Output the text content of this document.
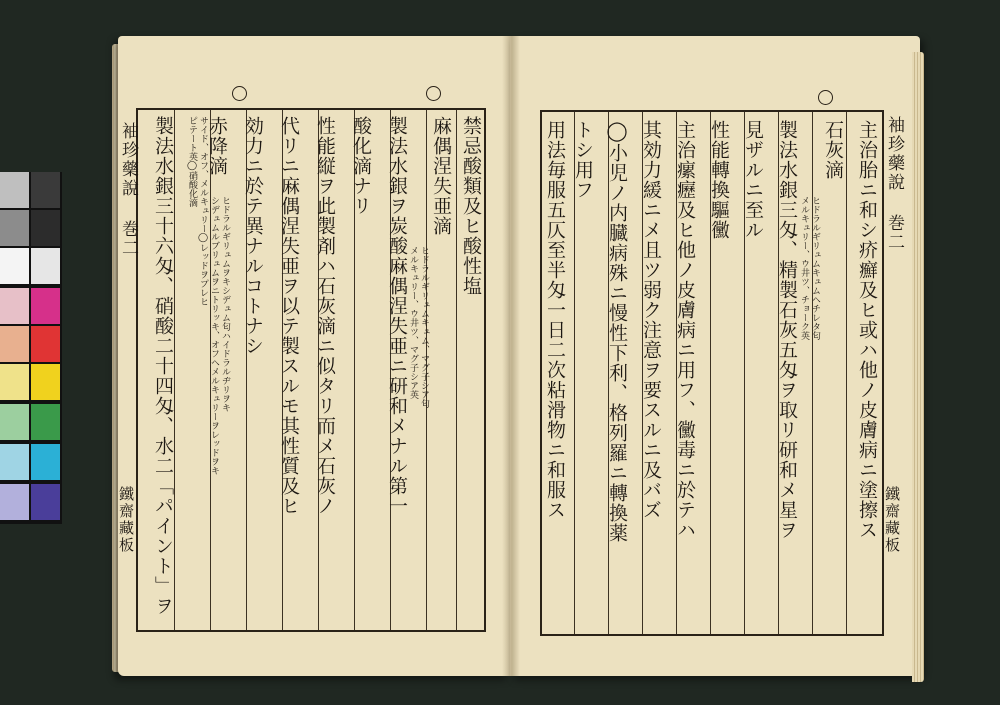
袖珍藥說 巻二
鐵齋藏板
禁忌酸類及ヒ酸性塩
麻偶涅失亜滴
ヒドラルギリュムキュム、マグ子シア匂
メルキュリー、ウ井ツ、マグ子シア英
製法水銀ヲ炭酸麻偶涅失亜ニ研和メナル第一
酸化滴ナリ
性能縦ヲ此製剤ハ石灰滴ニ似タリ而メ石灰ノ
代リニ麻偶涅失亜ヲ以テ製スルモ其性質及ヒ
効力ニ於テ異ナルコトナシ
赤降滴
ヒドラルギリュムヲキシデュム匂ハイドラルヂリヲキ
シデュムルブリュムヲニトリッキ、オフヘメルキュリーヲレッドヲキ
サイド、オフ、メルキュリー◯レッドヲプレヒ
ピテート英◯硝酸化滴
製法水銀三十六匁、硝酸二十四匁、水二「パイント」ヲ	袖珍藥說 巻二
鐵齋藏板
主治胎ニ和シ疥癬及ヒ或ハ他ノ皮膚病ニ塗擦ス
石灰滴
ヒドラルギリュムキュムヘチレタ匂
メルキュリー、ウ井ツ、チョーク英
製法水銀三匁、精製石灰五匁ヲ取リ研和メ星ヲ
見ザルニ至ル
性能轉換驅黴
主治瘰癧及ヒ他ノ皮膚病ニ用フ、黴毒ニ於テハ
其効力緩ニメ且ツ弱ク注意ヲ要スルニ及バズ
◯小児ノ内臓病殊ニ慢性下利、格列羅ニ轉換薬
トシ用フ
用法毎服五仄至半匁一日二次粘滑物ニ和服ス
